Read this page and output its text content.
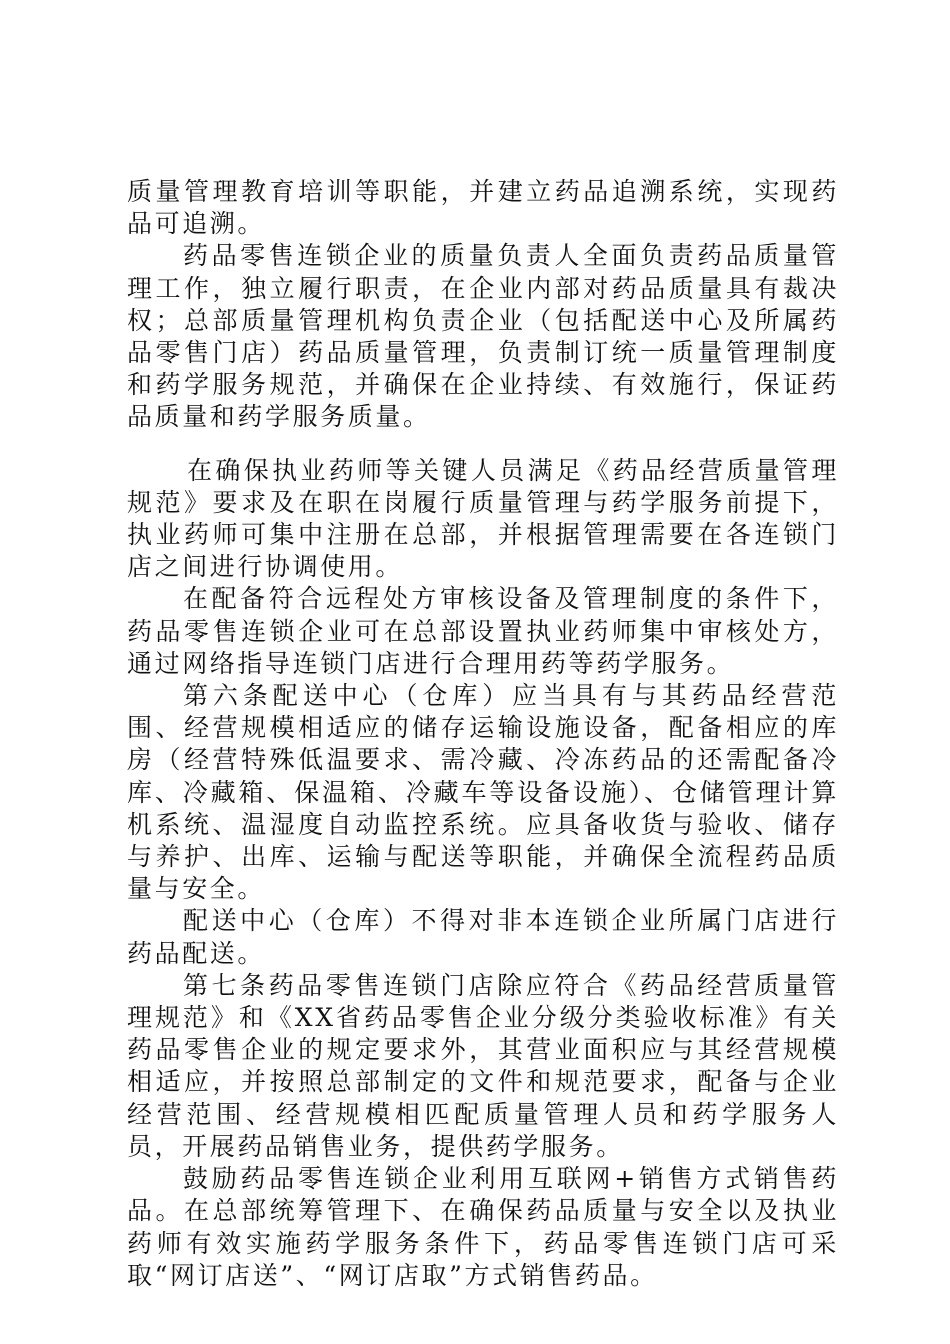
质量管理教育培训等职能，并建立药品追溯系统，实现药品可追溯。

药品零售连锁企业的质量负责人全面负责药品质量管理工作，独立履行职责，在企业内部对药品质量具有裁决权；总部质量管理机构负责企业（包括配送中心及所属药品零售门店）药品质量管理，负责制订统一质量管理制度和药学服务规范，并确保在企业持续、有效施行，保证药品质量和药学服务质量。

在确保执业药师等关键人员满足《药品经营质量管理规范》要求及在职在岗履行质量管理与药学服务前提下，执业药师可集中注册在总部，并根据管理需要在各连锁门店之间进行协调使用。

在配备符合远程处方审核设备及管理制度的条件下，药品零售连锁企业可在总部设置执业药师集中审核处方，通过网络指导连锁门店进行合理用药等药学服务。

第六条配送中心（仓库）应当具有与其药品经营范围、经营规模相适应的储存运输设施设备，配备相应的库房（经营特殊低温要求、需冷藏、冷冻药品的还需配备冷库、冷藏箱、保温箱、冷藏车等设备设施）、仓储管理计算机系统、温湿度自动监控系统。应具备收货与验收、储存与养护、出库、运输与配送等职能，并确保全流程药品质量与安全。

配送中心（仓库）不得对非本连锁企业所属门店进行药品配送。

第七条药品零售连锁门店除应符合《药品经营质量管理规范》和《XX省药品零售企业分级分类验收标准》有关药品零售企业的规定要求外，其营业面积应与其经营规模相适应，并按照总部制定的文件和规范要求，配备与企业经营范围、经营规模相匹配质量管理人员和药学服务人员，开展药品销售业务，提供药学服务。

鼓励药品零售连锁企业利用互联网+销售方式销售药品。在总部统筹管理下、在确保药品质量与安全以及执业药师有效实施药学服务条件下，药品零售连锁门店可采取“网订店送”、“网订店取”方式销售药品。
